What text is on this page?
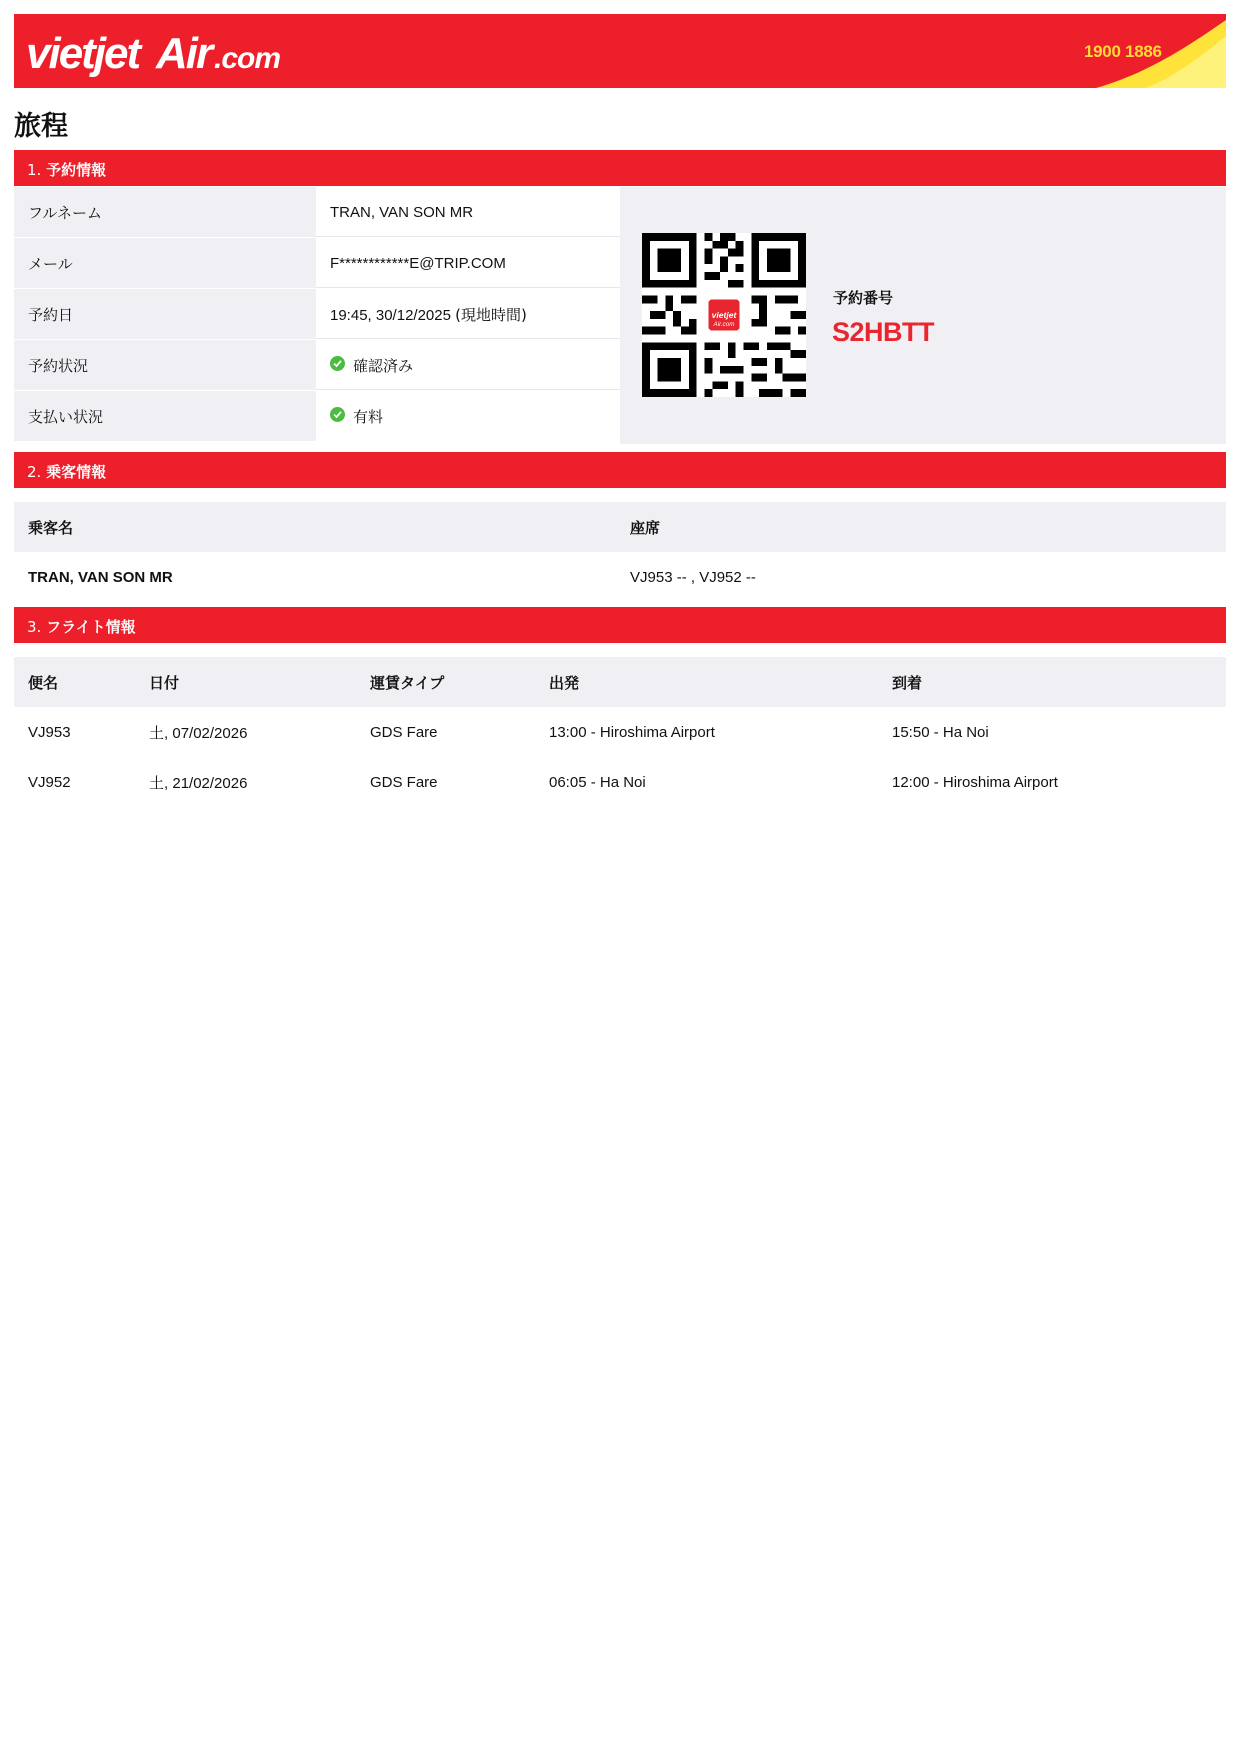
vietjet Air .com	1900 1886
旅程
1. 予約情報
フルネーム	TRAN, VAN SON MR
メール	F************E@TRIP.COM
予約日	19:45, 30/12/2025 (現地時間)
予約状況	確認済み
支払い状況	有料
vietjet
予約番号
S2HBTT
2. 乗客情報
乗客名	座席
TRAN, VAN SON MR	VJ953 -- , VJ952 --
3. フライト情報
便名	日付	運賃タイプ	出発	到着
VJ953	土, 07/02/2026	GDS Fare	13:00 - Hiroshima Airport	15:50 - Ha Noi
VJ952	土, 21/02/2026	GDS Fare	06:05 - Ha Noi	12:00 - Hiroshima Airport
